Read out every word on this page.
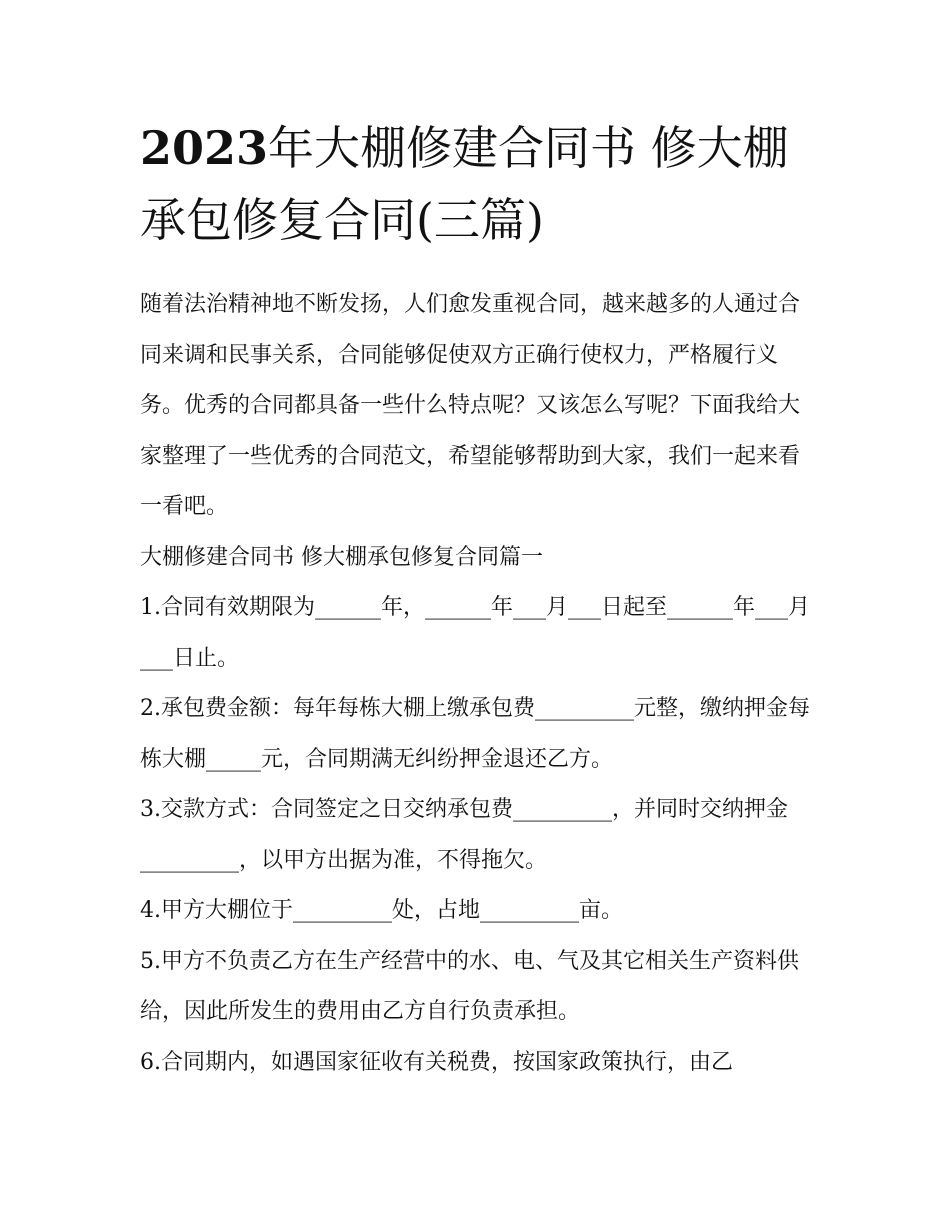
2023年大棚修建合同书 修大棚承包修复合同(三篇)

随着法治精神地不断发扬，人们愈发重视合同，越来越多的人通过合同来调和民事关系，合同能够促使双方正确行使权力，严格履行义务。优秀的合同都具备一些什么特点呢？又该怎么写呢？下面我给大家整理了一些优秀的合同范文，希望能够帮助到大家，我们一起来看一看吧。

大棚修建合同书 修大棚承包修复合同篇一

1.合同有效期限为______年，______年___月___日起至______年___月___日止。

2.承包费金额：每年每栋大棚上缴承包费_________元整，缴纳押金每栋大棚_____元，合同期满无纠纷押金退还乙方。

3.交款方式：合同签定之日交纳承包费_________，并同时交纳押金_________，以甲方出据为准，不得拖欠。

4.甲方大棚位于_________处，占地_________亩。

5.甲方不负责乙方在生产经营中的水、电、气及其它相关生产资料供给，因此所发生的费用由乙方自行负责承担。

6.合同期内，如遇国家征收有关税费，按国家政策执行，由乙
